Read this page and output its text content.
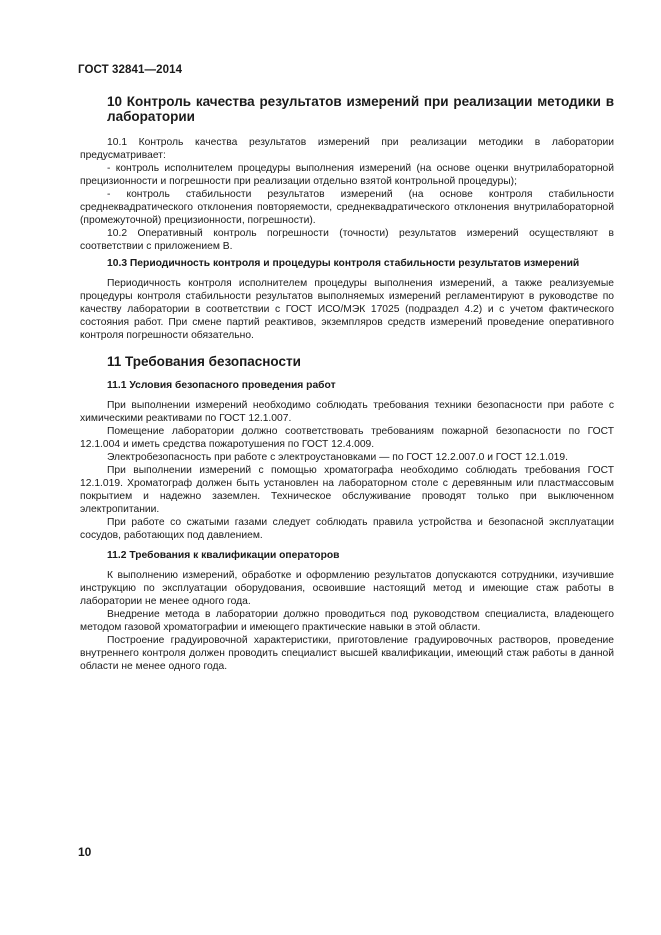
ГОСТ 32841—2014
10 Контроль качества результатов измерений при реализации методики в лаборатории

10.1 Контроль качества результатов измерений при реализации методики в лаборатории предусматривает:

- контроль исполнителем процедуры выполнения измерений (на основе оценки внутрилабораторной прецизионности и погрешности при реализации отдельно взятой контрольной процедуры);

- контроль стабильности результатов измерений (на основе контроля стабильности среднеквадратического отклонения повторяемости, среднеквадратического отклонения внутрилабораторной (промежуточной) прецизионности, погрешности).

10.2 Оперативный контроль погрешности (точности) результатов измерений осуществляют в соответствии с приложением В.

10.3 Периодичность контроля и процедуры контроля стабильности результатов измерений

Периодичность контроля исполнителем процедуры выполнения измерений, а также реализуемые процедуры контроля стабильности результатов выполняемых измерений регламентируют в руководстве по качеству лаборатории в соответствии с ГОСТ ИСО/МЭК 17025 (подраздел 4.2) и с учетом фактического состояния работ. При смене партий реактивов, экземпляров средств измерений проведение оперативного контроля погрешности обязательно.

11 Требования безопасности
11.1 Условия безопасного проведения работ

При выполнении измерений необходимо соблюдать требования техники безопасности при работе с химическими реактивами по ГОСТ 12.1.007.

Помещение лаборатории должно соответствовать требованиям пожарной безопасности по ГОСТ 12.1.004 и иметь средства пожаротушения по ГОСТ 12.4.009.

Электробезопасность при работе с электроустановками — по ГОСТ 12.2.007.0 и ГОСТ 12.1.019.

При выполнении измерений с помощью хроматографа необходимо соблюдать требования ГОСТ 12.1.019. Хроматограф должен быть установлен на лабораторном столе с деревянным или пластмассовым покрытием и надежно заземлен. Техническое обслуживание проводят только при выключенном электропитании.

При работе со сжатыми газами следует соблюдать правила устройства и безопасной эксплуатации сосудов, работающих под давлением.

11.2 Требования к квалификации операторов

К выполнению измерений, обработке и оформлению результатов допускаются сотрудники, изучившие инструкцию по эксплуатации оборудования, освоившие настоящий метод и имеющие стаж работы в лаборатории не менее одного года.

Внедрение метода в лаборатории должно проводиться под руководством специалиста, владеющего методом газовой хроматографии и имеющего практические навыки в этой области.

Построение градуировочной характеристики, приготовление градуировочных растворов, проведение внутреннего контроля должен проводить специалист высшей квалификации, имеющий стаж работы в данной области не менее одного года.

10
